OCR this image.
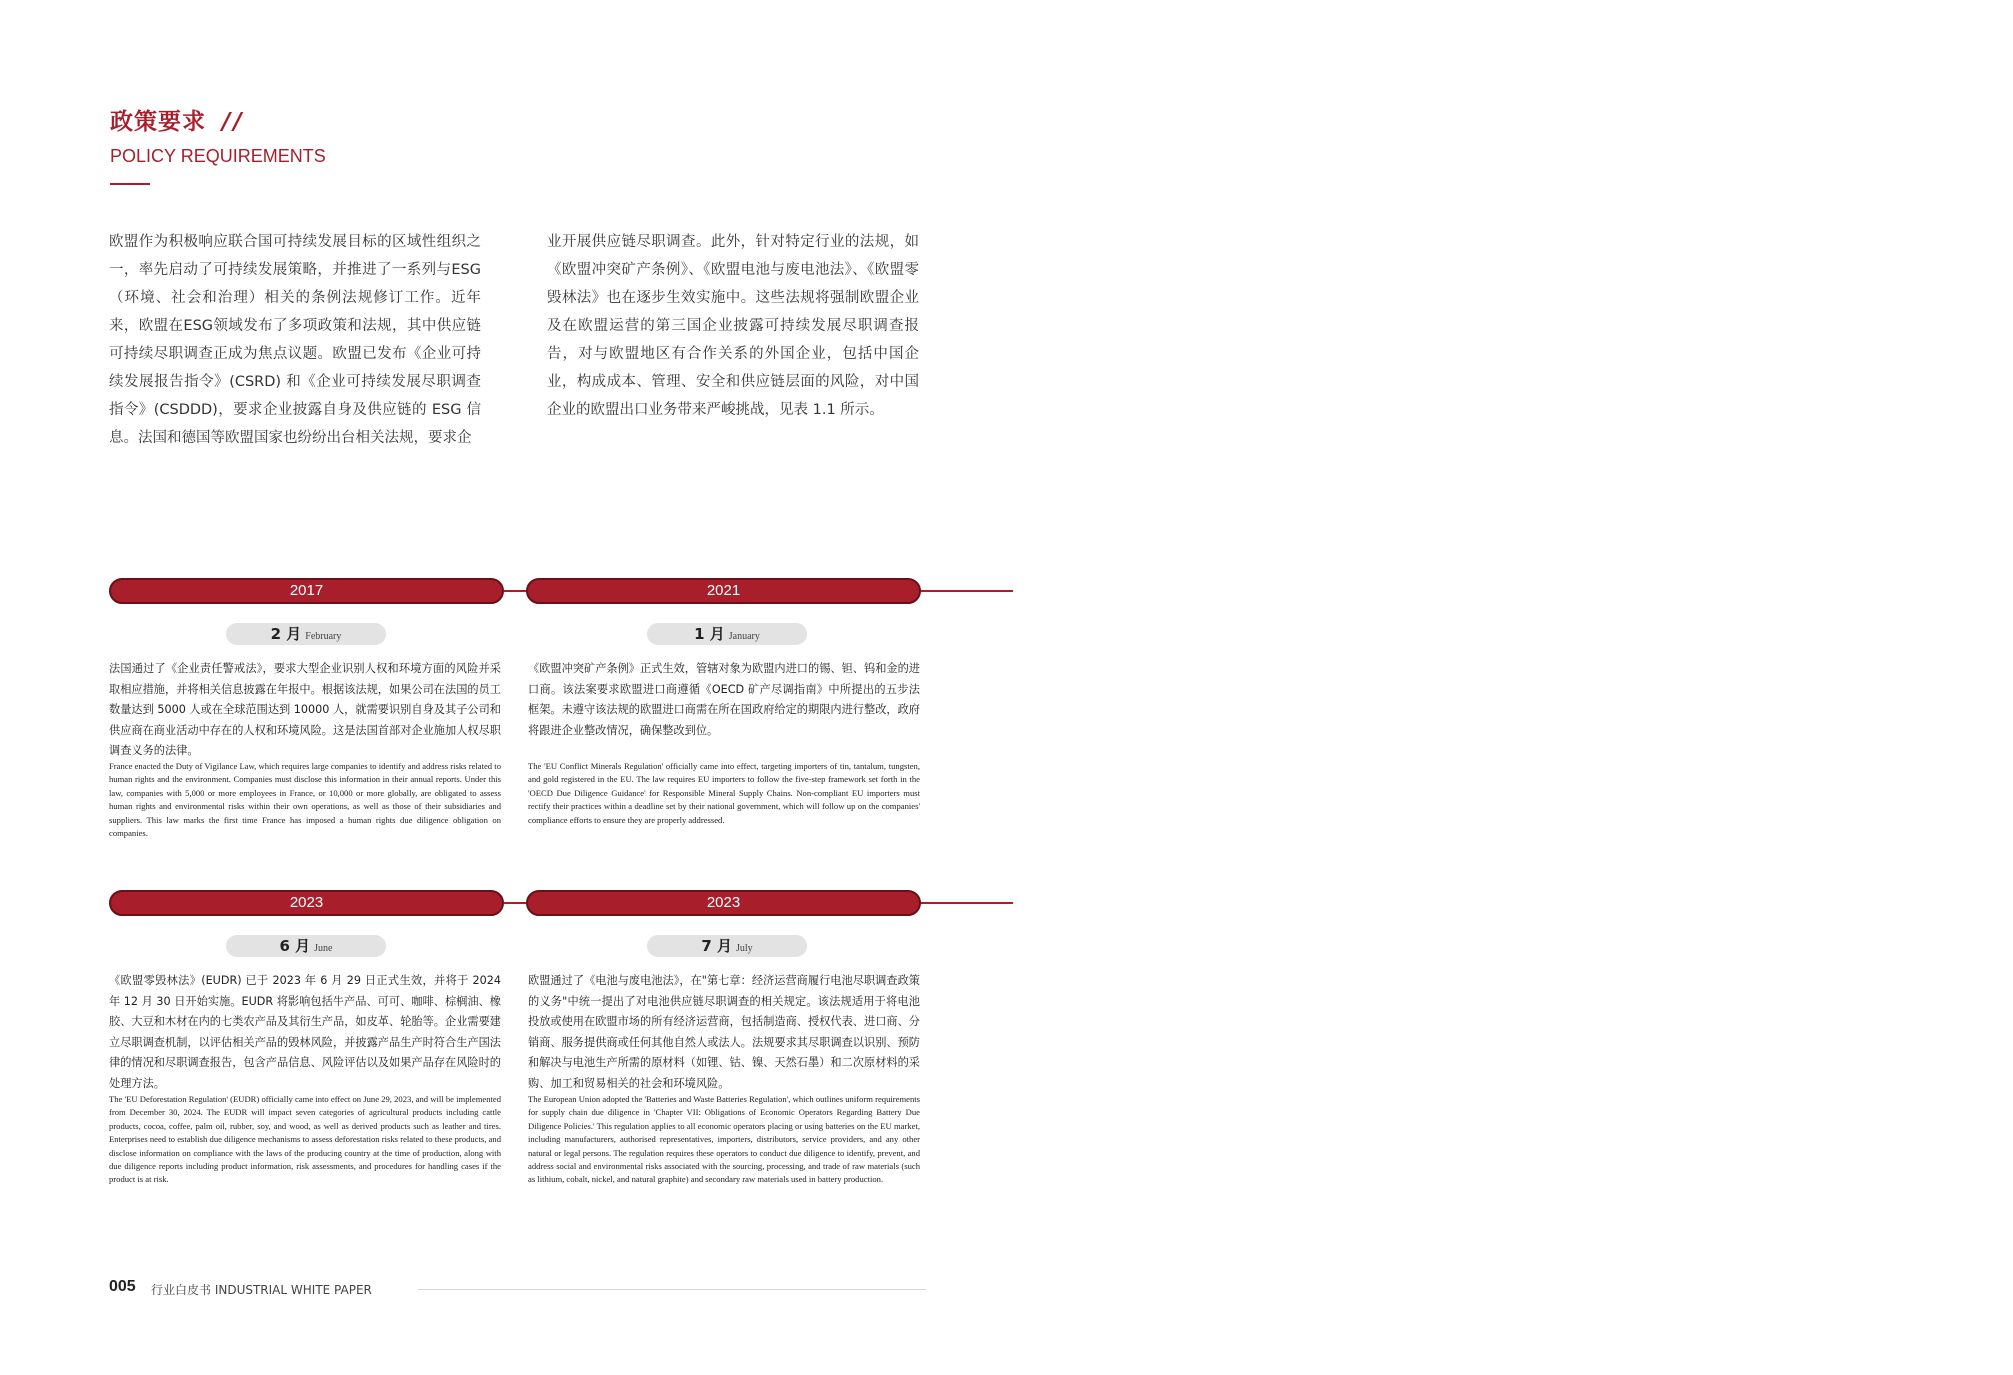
政策要求 //
POLICY REQUIREMENTS
欧盟作为积极响应联合国可持续发展目标的区域性组织之一，率先启动了可持续发展策略，并推进了一系列与ESG（环境、社会和治理）相关的条例法规修订工作。近年来，欧盟在ESG领域发布了多项政策和法规，其中供应链可持续尽职调查正成为焦点议题。欧盟已发布《企业可持续发展报告指令》(CSRD) 和《企业可持续发展尽职调查指令》(CSDDD)，要求企业披露自身及供应链的 ESG 信息。法国和德国等欧盟国家也纷纷出台相关法规，要求企
业开展供应链尽职调查。此外，针对特定行业的法规，如《欧盟冲突矿产条例》、《欧盟电池与废电池法》、《欧盟零毁林法》也在逐步生效实施中。这些法规将强制欧盟企业及在欧盟运营的第三国企业披露可持续发展尽职调查报告，对与欧盟地区有合作关系的外国企业，包括中国企业，构成成本、管理、安全和供应链层面的风险，对中国企业的欧盟出口业务带来严峻挑战，见表 1.1 所示。
2017	2021
2 月 February	1 月 January
法国通过了《企业责任警戒法》，要求大型企业识别人权和环境方面的风险并采取相应措施，并将相关信息披露在年报中。根据该法规，如果公司在法国的员工数量达到 5000 人或在全球范围达到 10000 人，就需要识别自身及其子公司和供应商在商业活动中存在的人权和环境风险。这是法国首部对企业施加人权尽职调查义务的法律。
France enacted the Duty of Vigilance Law, which requires large companies to identify and address risks related to human rights and the environment. Companies must disclose this information in their annual reports. Under this law, companies with 5,000 or more employees in France, or 10,000 or more globally, are obligated to assess human rights and environmental risks within their own operations, as well as those of their subsidiaries and suppliers. This law marks the first time France has imposed a human rights due diligence obligation on companies.
《欧盟冲突矿产条例》正式生效，管辖对象为欧盟内进口的锡、钽、钨和金的进口商。该法案要求欧盟进口商遵循《OECD 矿产尽调指南》中所提出的五步法框架。未遵守该法规的欧盟进口商需在所在国政府给定的期限内进行整改，政府将跟进企业整改情况，确保整改到位。
The 'EU Conflict Minerals Regulation' officially came into effect, targeting importers of tin, tantalum, tungsten, and gold registered in the EU. The law requires EU importers to follow the five-step framework set forth in the 'OECD Due Diligence Guidance' for Responsible Mineral Supply Chains. Non-compliant EU importers must rectify their practices within a deadline set by their national government, which will follow up on the companies' compliance efforts to ensure they are properly addressed.
2023	2023
6 月 June	7 月 July
《欧盟零毁林法》(EUDR) 已于 2023 年 6 月 29 日正式生效，并将于 2024 年 12 月 30 日开始实施。EUDR 将影响包括牛产品、可可、咖啡、棕榈油、橡胶、大豆和木材在内的七类农产品及其衍生产品，如皮革、轮胎等。企业需要建立尽职调查机制，以评估相关产品的毁林风险，并披露产品生产时符合生产国法律的情况和尽职调查报告，包含产品信息、风险评估以及如果产品存在风险时的处理方法。
The 'EU Deforestation Regulation' (EUDR) officially came into effect on June 29, 2023, and will be implemented from December 30, 2024. The EUDR will impact seven categories of agricultural products including cattle products, cocoa, coffee, palm oil, rubber, soy, and wood, as well as derived products such as leather and tires. Enterprises need to establish due diligence mechanisms to assess deforestation risks related to these products, and disclose information on compliance with the laws of the producing country at the time of production, along with due diligence reports including product information, risk assessments, and procedures for handling cases if the product is at risk.
欧盟通过了《电池与废电池法》，在"第七章：经济运营商履行电池尽职调查政策的义务"中统一提出了对电池供应链尽职调查的相关规定。该法规适用于将电池投放或使用在欧盟市场的所有经济运营商，包括制造商、授权代表、进口商、分销商、服务提供商或任何其他自然人或法人。法规要求其尽职调查以识别、预防和解决与电池生产所需的原材料（如锂、钴、镍、天然石墨）和二次原材料的采购、加工和贸易相关的社会和环境风险。
The European Union adopted the 'Batteries and Waste Batteries Regulation', which outlines uniform requirements for supply chain due diligence in 'Chapter VII: Obligations of Economic Operators Regarding Battery Due Diligence Policies.' This regulation applies to all economic operators placing or using batteries on the EU market, including manufacturers, authorised representatives, importers, distributors, service providers, and any other natural or legal persons. The regulation requires these operators to conduct due diligence to identify, prevent, and address social and environmental risks associated with the sourcing, processing, and trade of raw materials (such as lithium, cobalt, nickel, and natural graphite) and secondary raw materials used in battery production.
005 行业白皮书 INDUSTRIAL WHITE PAPER
